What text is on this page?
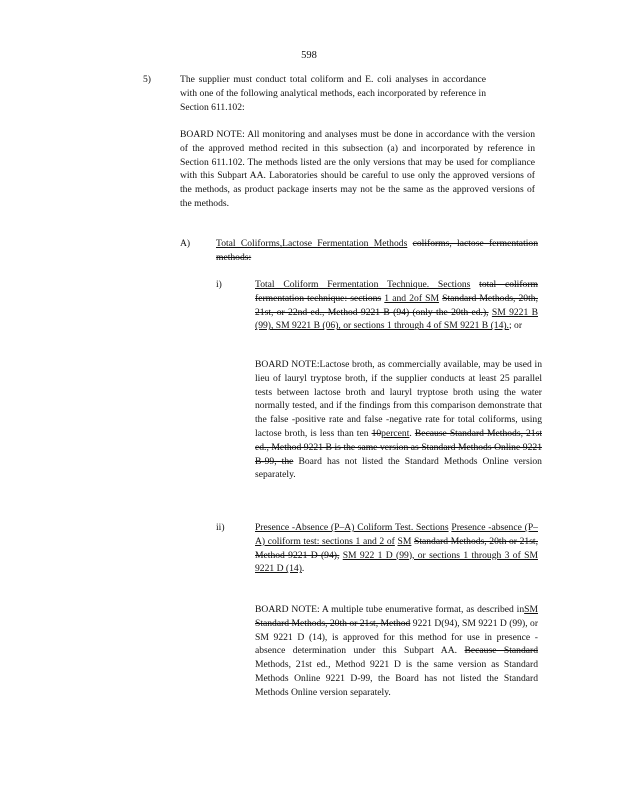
598
5)	The supplier must conduct total coliform and E. coli analyses in accordance with one of the following analytical methods, each incorporated by reference in Section 611.102:
BOARD NOTE: All monitoring and analyses must be done in accordance with the version of the approved method recited in this subsection (a) and incorporated by reference in Section 611.102. The methods listed are the only versions that may be used for compliance with this Subpart AA. Laboratories should be careful to use only the approved versions of the methods, as product package inserts may not be the same as the approved versions of the methods.
A)	Total Coliforms,Lactose Fermentation Methods coliforms, lactose fermentation methods:
i)	Total Coliform Fermentation Technique. Sections total coliform fermentation technique: sections 1 and 2of SM Standard Methods, 20th, 21st, or 22nd ed., Method 9221 B (94) (only the 20th ed.), SM 9221 B (99), SM 9221 B (06), or sections 1 through 4 of SM 9221 B (14).; or
BOARD NOTE:Lactose broth, as commercially available, may be used in lieu of lauryl tryptose broth, if the supplier conducts at least 25 parallel tests between lactose broth and lauryl tryptose broth using the water normally tested, and if the findings from this comparison demonstrate that the false -positive rate and false -negative rate for total coliforms, using lactose broth, is less than ten 10percent. Because Standard Methods, 21st ed., Method 9221 B is the same version as Standard Methods Online 9221 B-99, the Board has not listed the Standard Methods Online version separately.
ii)	Presence -Absence (P–A) Coliform Test. Sections Presence -absence (P–A) coliform test: sections 1 and 2 of SM Standard Methods, 20th or 21st, Method 9221 D (94), SM 922 1 D (99), or sections 1 through 3 of SM 9221 D (14).
BOARD NOTE: A multiple tube enumerative format, as described inSM Standard Methods, 20th or 21st, Method 9221 D(94), SM 9221 D (99), or SM 9221 D (14), is approved for this method for use in presence -absence determination under this Subpart AA. Because Standard Methods, 21st ed., Method 9221 D is the same version as Standard Methods Online 9221 D-99, the Board has not listed the Standard Methods Online version separately.
